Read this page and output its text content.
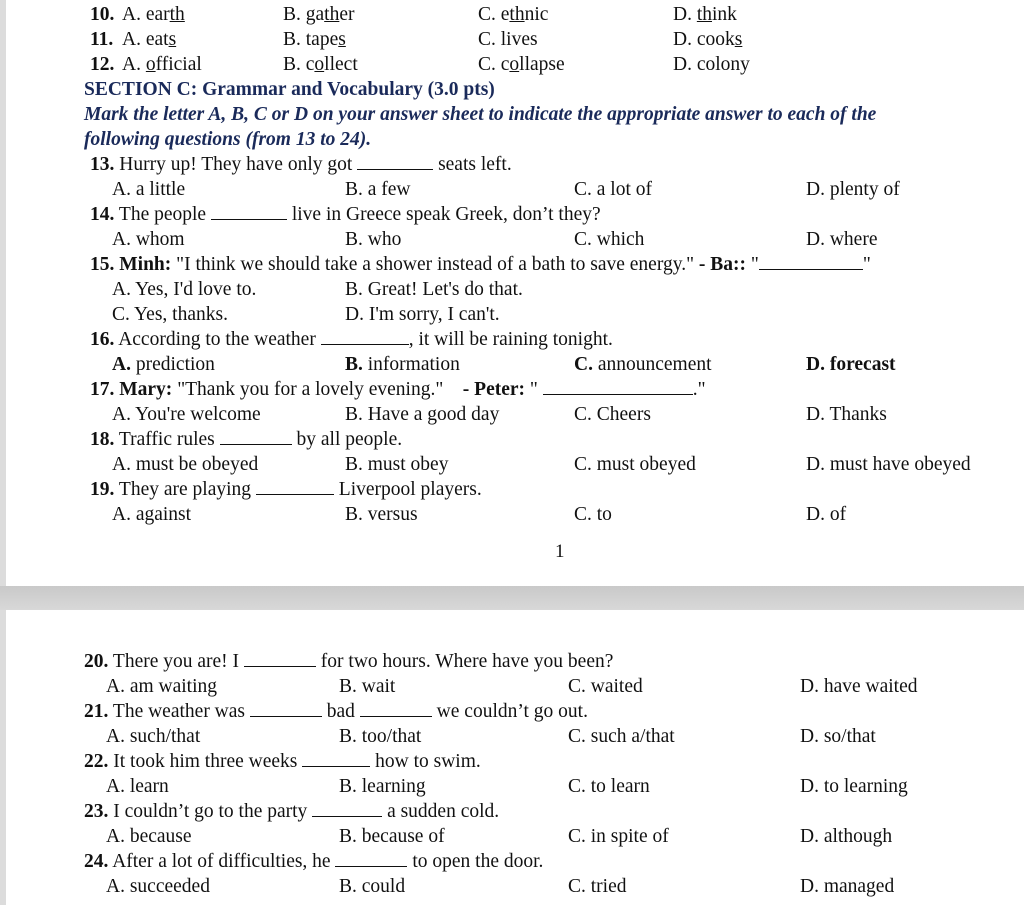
10. A. earth	B. gather	C. ethnic	D. think
11. A. eats	B. tapes	C. lives	D. cooks
12. A. official	B. collect	C. collapse	D. colony
SECTION C: Grammar and Vocabulary (3.0 pts)
Mark the letter A, B, C or D on your answer sheet to indicate the appropriate answer to each of the
following questions (from 13 to 24).
13. Hurry up! They have only got	seats left.
A. a little	B. a few	C. a lot of	D. plenty of
14. The people	live in Greece speak Greek, don’t they?
A. whom	B. who	C. which	D. where
15. Minh: "I think we should take a shower instead of a bath to save energy." - Ba:: "	"
A. Yes, I'd love to.	B. Great! Let's do that.
C. Yes, thanks.	D. I'm sorry, I can't.
16. According to the weather	, it will be raining tonight.
A. prediction	B. information	C. announcement	D. forecast
17. Mary: "Thank you for a lovely evening." - Peter: "	."
A. You're welcome	B. Have a good day	C. Cheers	D. Thanks
18. Traffic rules	by all people.
A. must be obeyed	B. must obey	C. must obeyed	D. must have obeyed
19. They are playing	Liverpool players.
A. against	B. versus	C. to	D. of
1
20. There you are! I	for two hours. Where have you been?
A. am waiting	B. wait	C. waited	D. have waited
21. The weather was	bad	we couldn’t go out.
A. such/that	B. too/that	C. such a/that	D. so/that
22. It took him three weeks	how to swim.
A. learn	B. learning	C. to learn	D. to learning
23. I couldn’t go to the party	a sudden cold.
A. because	B. because of	C. in spite of	D. although
24. After a lot of difficulties, he	to open the door.
A. succeeded	B. could	C. tried	D. managed
